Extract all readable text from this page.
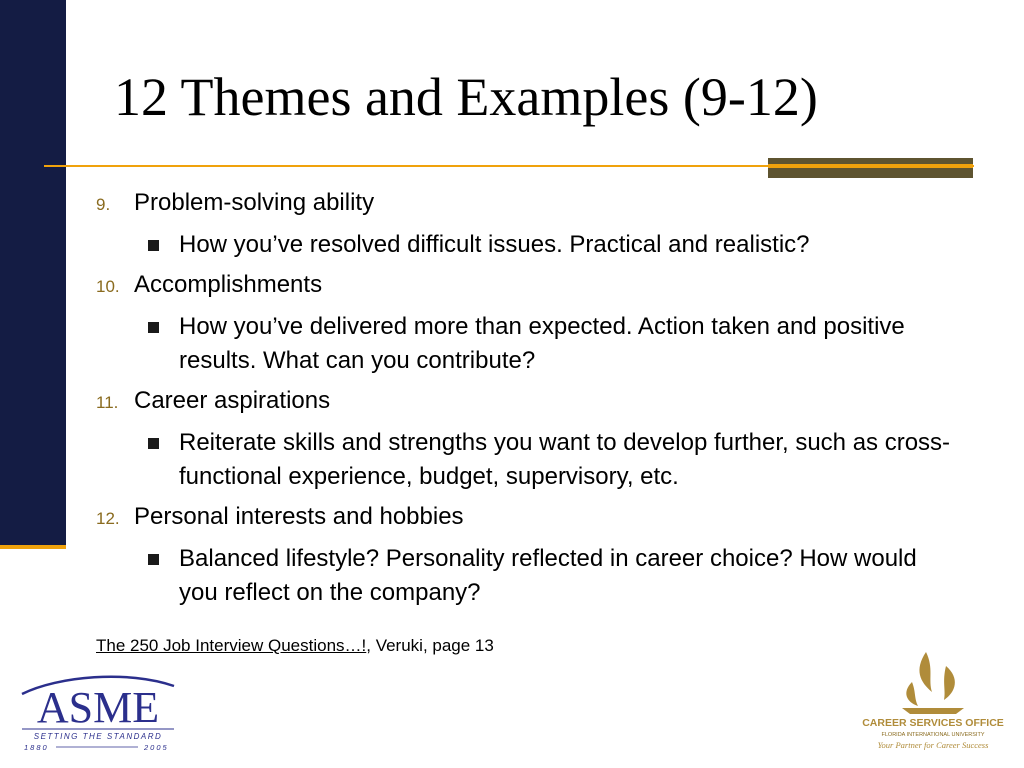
12 Themes and Examples (9-12)
9. Problem-solving ability
How you’ve resolved difficult issues. Practical and realistic?
10. Accomplishments
How you’ve delivered more than expected. Action taken and positive results. What can you contribute?
11. Career aspirations
Reiterate skills and strengths you want to develop further, such as cross-functional experience, budget, supervisory, etc.
12. Personal interests and hobbies
Balanced lifestyle? Personality reflected in career choice? How would you reflect on the company?
The 250 Job Interview Questions…!, Veruki, page 13
ASME
SETTING THE STANDARD
1880	2005
CAREER SERVICES OFFICE
FLORIDA INTERNATIONAL UNIVERSITY
Your Partner for Career Success
